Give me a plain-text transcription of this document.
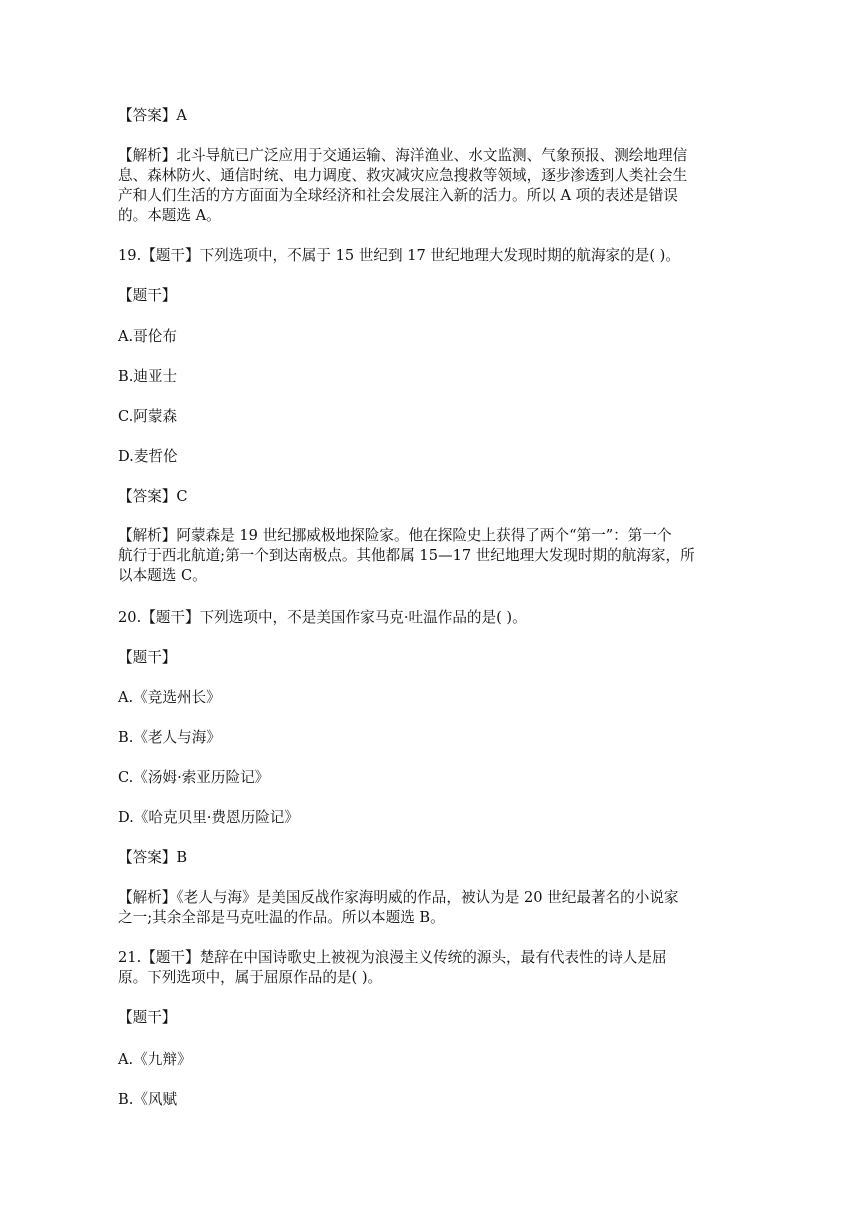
【答案】A
【解析】北斗导航已广泛应用于交通运输、海洋渔业、水文监测、气象预报、测绘地理信
息、森林防火、通信时统、电力调度、救灾减灾应急搜救等领域，逐步渗透到人类社会生
产和人们生活的方方面面为全球经济和社会发展注入新的活力。所以 A 项的表述是错误
的。本题选 A。
19.【题干】下列选项中，不属于 15 世纪到 17 世纪地理大发现时期的航海家的是( )。
【题干】
A.哥伦布
B.迪亚士
C.阿蒙森
D.麦哲伦
【答案】C
【解析】阿蒙森是 19 世纪挪威极地探险家。他在探险史上获得了两个“第一”：第一个
航行于西北航道;第一个到达南极点。其他都属 15—17 世纪地理大发现时期的航海家，所
以本题选 C。
20.【题干】下列选项中，不是美国作家马克·吐温作品的是( )。
【题干】
A.《竞选州长》
B.《老人与海》
C.《汤姆·索亚历险记》
D.《哈克贝里·费恩历险记》
【答案】B
【解析】《老人与海》是美国反战作家海明威的作品，被认为是 20 世纪最著名的小说家
之一;其余全部是马克吐温的作品。所以本题选 B。
21.【题干】楚辞在中国诗歌史上被视为浪漫主义传统的源头，最有代表性的诗人是屈
原。下列选项中，属于屈原作品的是( )。
【题干】
A.《九辩》
B.《风赋
